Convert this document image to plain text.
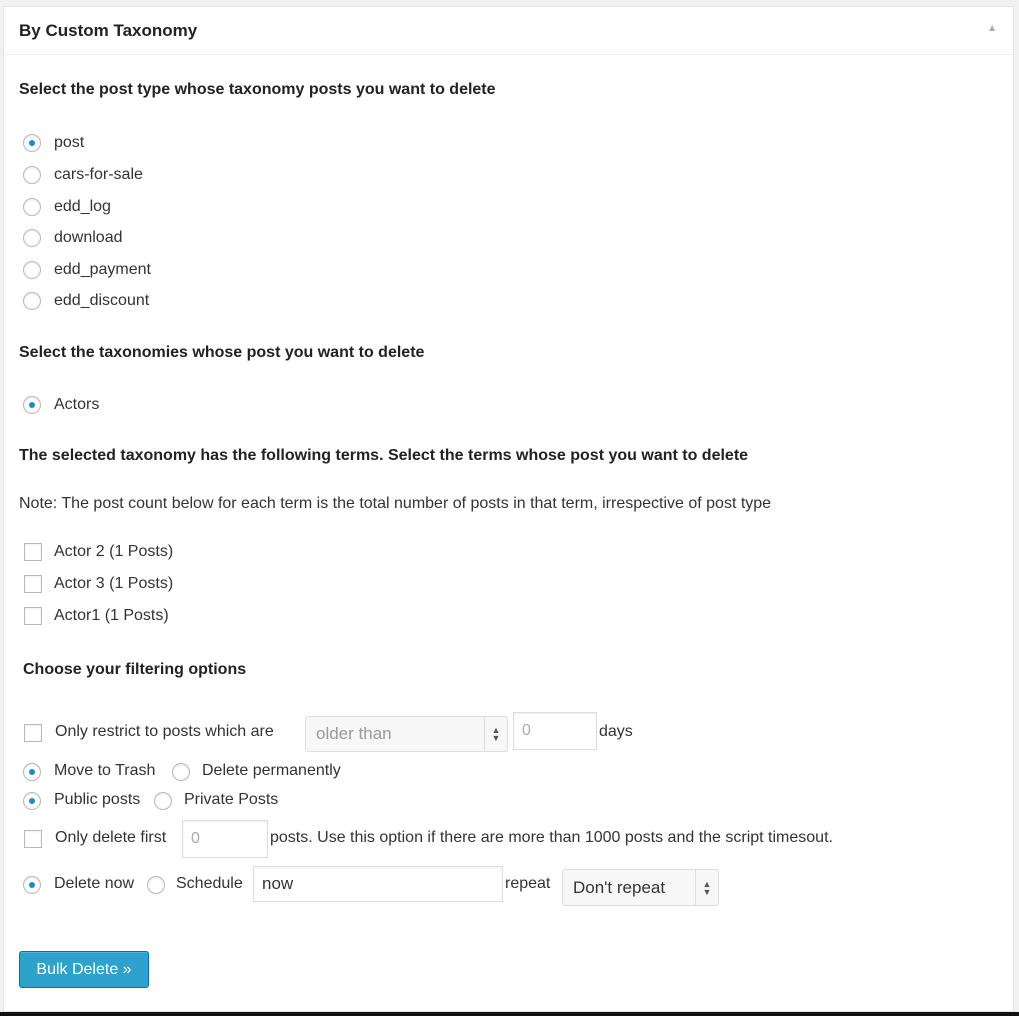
By Custom Taxonomy	▲
Select the post type whose taxonomy posts you want to delete
post
cars-for-sale
edd_log
download
edd_payment
edd_discount
Select the taxonomies whose post you want to delete
Actors
The selected taxonomy has the following terms. Select the terms whose post you want to delete
Note: The post count below for each term is the total number of posts in that term, irrespective of post type
Actor 2 (1 Posts)
Actor 3 (1 Posts)
Actor1 (1 Posts)
Choose your filtering options
Only restrict to posts which are older than	▲
▼	0	days
Move to Trash	Delete permanently
Public posts	Private Posts
Only delete first 0	posts. Use this option if there are more than 1000 posts and the script timesout.
Delete now	Schedule now	repeat Don't repeat	▲
▼
Bulk Delete »
